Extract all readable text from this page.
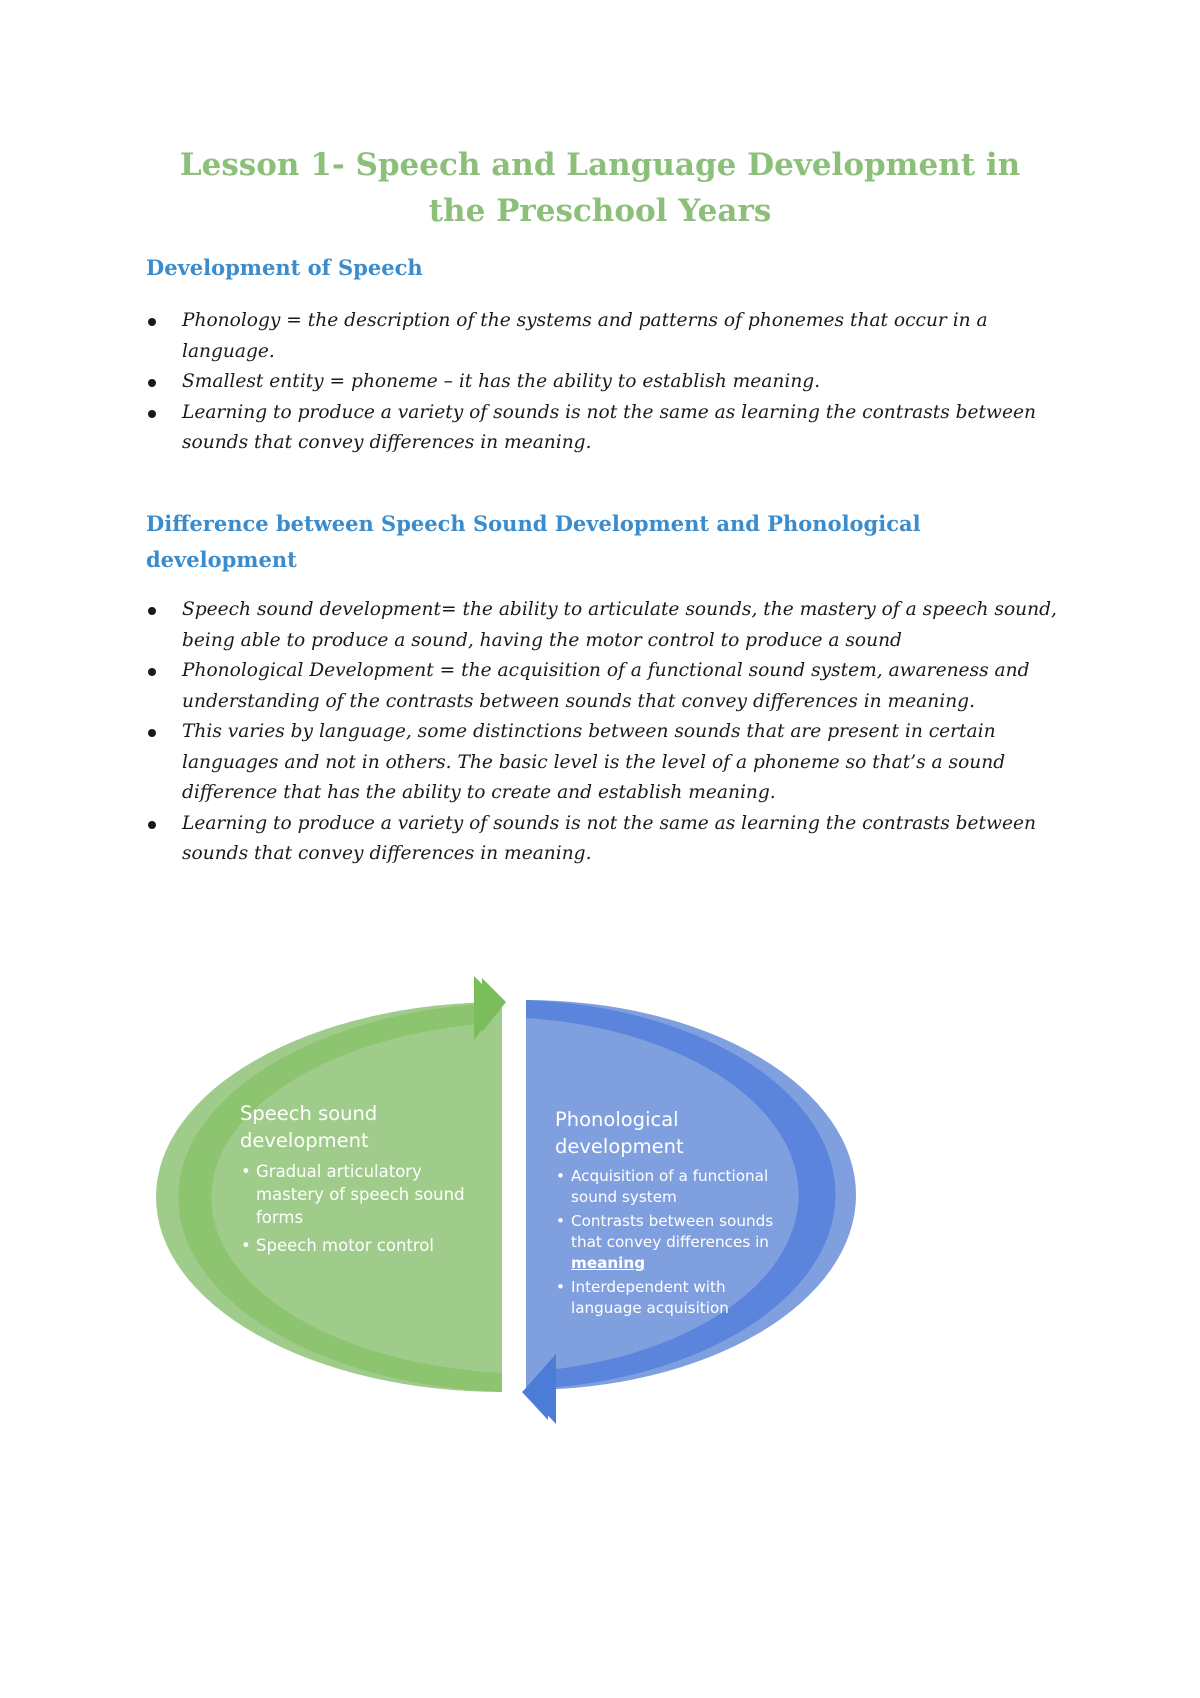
Lesson 1- Speech and Language Development in the Preschool Years
Development of Speech
Phonology = the description of the systems and patterns of phonemes that occur in a language.
Smallest entity = phoneme – it has the ability to establish meaning.
Learning to produce a variety of sounds is not the same as learning the contrasts between sounds that convey differences in meaning.
Difference between Speech Sound Development and Phonological development
Speech sound development= the ability to articulate sounds, the mastery of a speech sound, being able to produce a sound, having the motor control to produce a sound
Phonological Development = the acquisition of a functional sound system, awareness and understanding of the contrasts between sounds that convey differences in meaning.
This varies by language, some distinctions between sounds that are present in certain languages and not in others. The basic level is the level of a phoneme so that’s a sound difference that has the ability to create and establish meaning.
Learning to produce a variety of sounds is not the same as learning the contrasts between sounds that convey differences in meaning.
Speech sound development
• Gradual articulatory mastery of speech sound forms
• Speech motor control
Phonological development
• Acquisition of a functional sound system
• Contrasts between sounds that convey differences in meaning
• Interdependent with language acquisition
